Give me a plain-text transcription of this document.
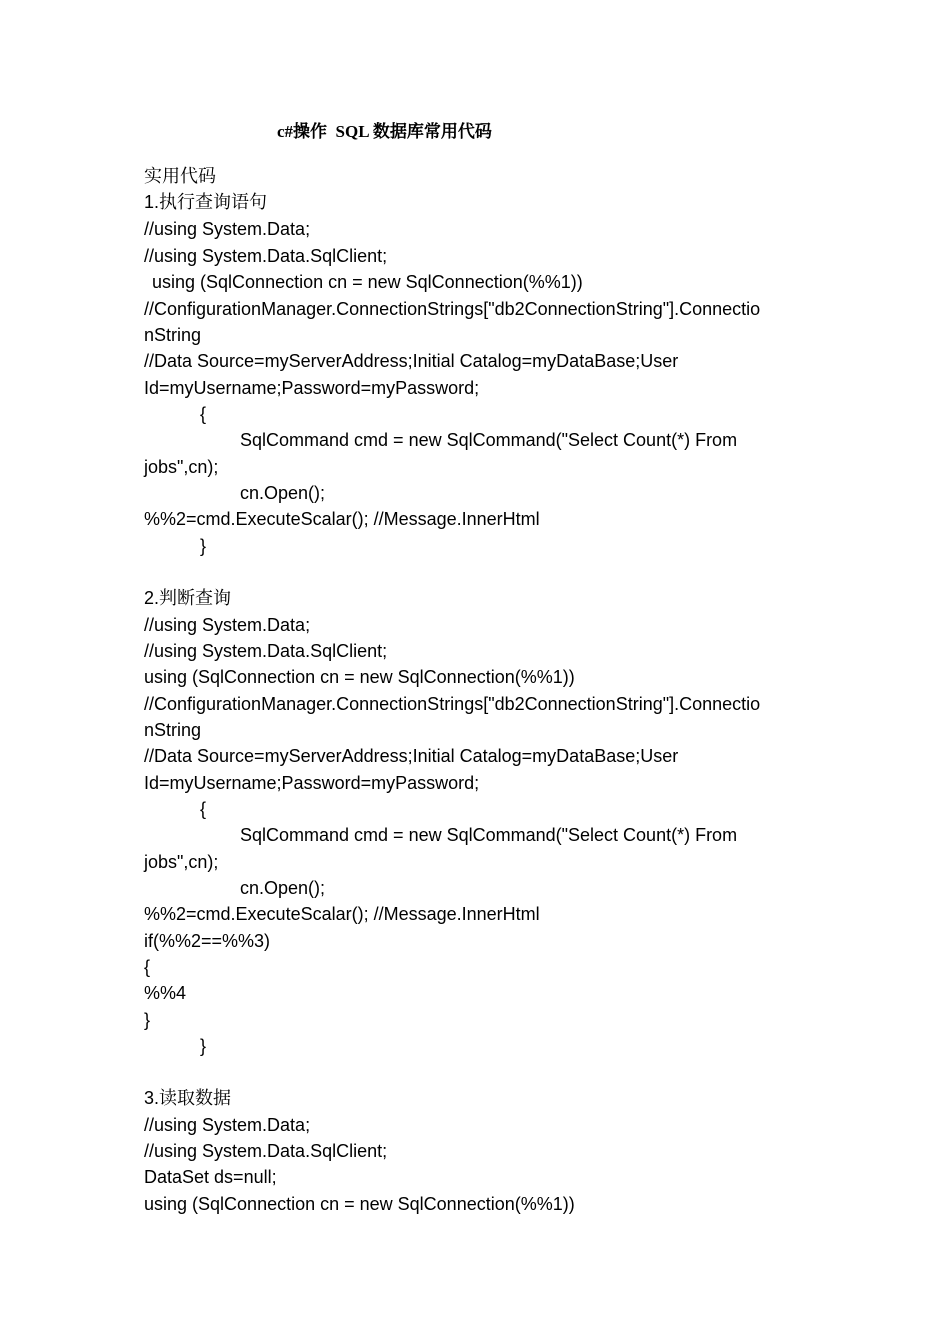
c#操作  SQL 数据库常用代码
实用代码
1.执行查询语句
//using System.Data;
//using System.Data.SqlClient;
using (SqlConnection cn = new SqlConnection(%%1))
//ConfigurationManager.ConnectionStrings["db2ConnectionString"].Connectio
nString
//Data Source=myServerAddress;Initial Catalog=myDataBase;User
Id=myUsername;Password=myPassword;
{
SqlCommand cmd = new SqlCommand("Select Count(*) From
jobs",cn);
cn.Open();
%%2=cmd.ExecuteScalar(); //Message.InnerHtml
}
2.判断查询
//using System.Data;
//using System.Data.SqlClient;
using (SqlConnection cn = new SqlConnection(%%1))
//ConfigurationManager.ConnectionStrings["db2ConnectionString"].Connectio
nString
//Data Source=myServerAddress;Initial Catalog=myDataBase;User
Id=myUsername;Password=myPassword;
{
SqlCommand cmd = new SqlCommand("Select Count(*) From
jobs",cn);
cn.Open();
%%2=cmd.ExecuteScalar(); //Message.InnerHtml
if(%%2==%%3)
{
%%4
}
}
3.读取数据
//using System.Data;
//using System.Data.SqlClient;
DataSet ds=null;
using (SqlConnection cn = new SqlConnection(%%1))
